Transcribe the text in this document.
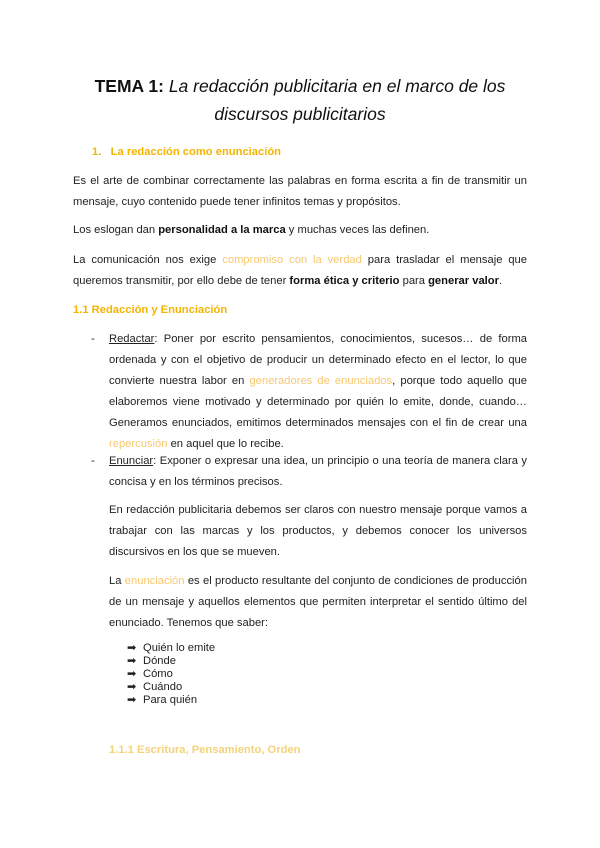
TEMA 1: La redacción publicitaria en el marco de los
discursos publicitarios
1. La redacción como enunciación

Es el arte de combinar correctamente las palabras en forma escrita a fin de transmitir un mensaje, cuyo contenido puede tener infinitos temas y propósitos.

Los eslogan dan personalidad a la marca y muchas veces las definen.

La comunicación nos exige compromiso con la verdad para trasladar el mensaje que queremos transmitir, por ello debe de tener forma ética y criterio para generar valor.

1.1 Redacción y Enunciación
- Redactar: Poner por escrito pensamientos, conocimientos, sucesos… de forma ordenada y con el objetivo de producir un determinado efecto en el lector, lo que convierte nuestra labor en generadores de enunciados, porque todo aquello que elaboremos viene motivado y determinado por quién lo emite, donde, cuando… Generamos enunciados, emitimos determinados mensajes con el fin de crear una repercusión en aquel que lo recibe.

- Enunciar: Exponer o expresar una idea, un principio o una teoría de manera clara y concisa y en los términos precisos.

En redacción publicitaria debemos ser claros con nuestro mensaje porque vamos a trabajar con las marcas y los productos, y debemos conocer los universos discursivos en los que se mueven.

La enunciación es el producto resultante del conjunto de condiciones de producción de un mensaje y aquellos elementos que permiten interpretar el sentido último del enunciado. Tenemos que saber:

➡ Quién lo emite
➡ Dónde
➡ Cómo
➡ Cuándo
➡ Para quién
1.1.1 Escritura, Pensamiento, Orden
